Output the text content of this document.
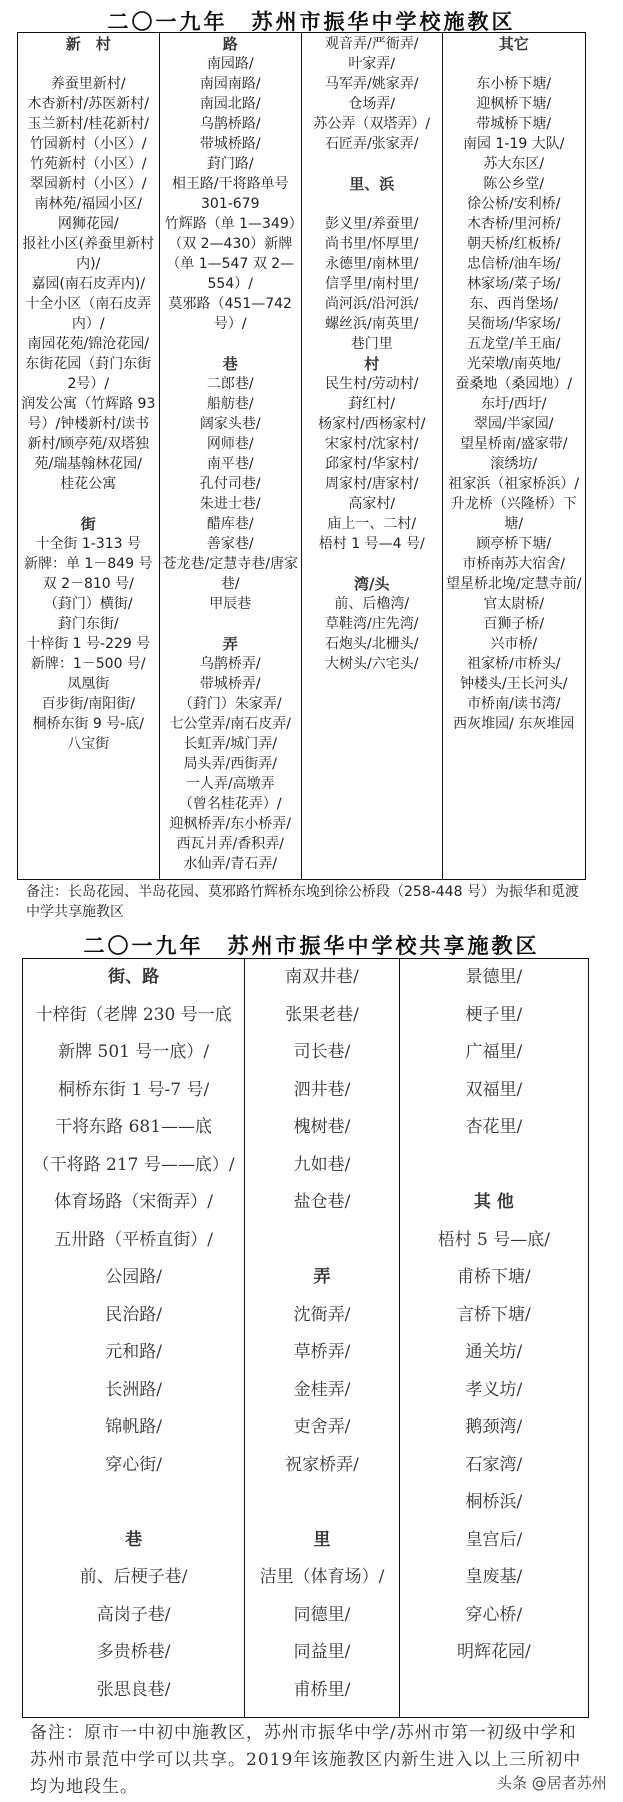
二〇一九年　苏州市振华中学校施教区
新　村
养蚕里新村/
木杏新村/苏医新村/
玉兰新村/桂花新村/
竹园新村（小区）/
竹苑新村（小区）/
翠园新村（小区）/
南林苑/福园小区/
网狮花园/
报社小区(养蚕里新村内)/
嘉园(南石皮弄内)/
十全小区（南石皮弄内）/
南园花苑/锦沧花园/
东街花园（葑门东街 2号）/
润发公寓（竹辉路 93号）/钟楼新村/读书新村/顾亭苑/双塔独苑/瑞基翰林花园/
桂花公寓
街
十全街 1-313 号
新牌：单 1－849 号
双 2－810 号/
（葑门）横街/
葑门东街/
十梓街 1 号-229 号
新牌：1－500 号/
凤凰街
百步街/南阳街/
桐桥东街 9 号-底/
八宝街
路
南园路/
南园南路/
南园北路/
乌鹊桥路/
带城桥路/
葑门路/
相王路/干将路单号 301-679
竹辉路（单 1—349）（双 2—430）新牌（单 1—547 双 2—554）/
莫邪路（451—742号）/
巷
二郎巷/
船舫巷/
阔家头巷/
网师巷/
南平巷/
孔付司巷/
朱进士巷/
醋库巷/
善家巷/
苍龙巷/定慧寺巷/唐家巷/
甲辰巷
弄
乌鹊桥弄/
带城桥弄/
（葑门）朱家弄/
七公堂弄/南石皮弄/
长虹弄/城门弄/
局头弄/西街弄/
一人弄/高墩弄
（曾名桂花弄）/
迎枫桥弄/东小桥弄/
西瓦爿弄/香积弄/
水仙弄/青石弄/
观音弄/严衙弄/
叶家弄/
马军弄/姚家弄/
仓场弄/
苏公弄（双塔弄）/
石匠弄/张家弄/
里、浜
彭义里/养蚕里/
尚书里/怀厚里/
永德里/南林里/
信孚里/南村里/
尚河浜/沿河浜/
螺丝浜/南英里/
巷门里
村
民生村/劳动村/
葑红村/
杨家村/西杨家村/
宋家村/沈家村/
邱家村/华家村/
周家村/唐家村/
高家村/
庙上一、二村/
梧村 1 号—4 号/
湾/头
前、后櫓湾/
草鞋湾/庄先湾/
石炮头/北栅头/
大树头/六宅头/
其它
东小桥下塘/
迎枫桥下塘/
带城桥下塘/
南园 1-19 大队/
苏大东区/
陈公乡堂/
徐公桥/安利桥/
木杏桥/里河桥/
朝天桥/红板桥/
忠信桥/油车场/
林家场/菜子场/
东、西肖堡场/
吴衙场/华家场/
五龙堂/羊王庙/
光荣墩/南英地/
蚕桑地（桑园地）/
东圩/西圩/
翠园/半家园/
望星桥南/盛家带/
滚绣坊/
祖家浜（祖家桥浜）/
升龙桥（兴隆桥）下塘/
顾亭桥下塘/
市桥南苏大宿舍/
望星桥北堍/定慧寺前/
官太尉桥/
百狮子桥/
兴市桥/
祖家桥/市桥头/
钟楼头/王长河头/
市桥南/读书湾/
西灰堆园/ 东灰堆园
备注：长岛花园、半岛花园、莫邪路竹辉桥东堍到徐公桥段（258-448 号）为振华和觅渡中学共享施教区
二〇一九年　苏州市振华中学校共享施教区
街、路
十梓街（老牌 230 号一底
新牌 501 号一底）/
桐桥东街 1 号-7 号/
干将东路 681——底
（干将路 217 号——底）/
体育场路（宋衙弄）/
五卅路（平桥直街）/
公园路/
民治路/
元和路/
长洲路/
锦帆路/
穿心街/
巷
前、后梗子巷/
高岗子巷/
多贵桥巷/
张思良巷/
南双井巷/
张果老巷/
司长巷/
泗井巷/
槐树巷/
九如巷/
盐仓巷/
弄
沈衙弄/
草桥弄/
金桂弄/
吏舍弄/
祝家桥弄/
里
洁里（体育场）/
同德里/
同益里/
甫桥里/
景德里/
梗子里/
广福里/
双福里/
杏花里/
其 他
梧村 5 号—底/
甫桥下塘/
言桥下塘/
通关坊/
孝义坊/
鹅颈湾/
石家湾/
桐桥浜/
皇宫后/
皇废基/
穿心桥/
明辉花园/
备注：原市一中初中施教区，苏州市振华中学/苏州市第一初级中学和苏州市景范中学可以共享。2019年该施教区内新生进入以上三所初中均为地段生。	头条 @居者苏州
